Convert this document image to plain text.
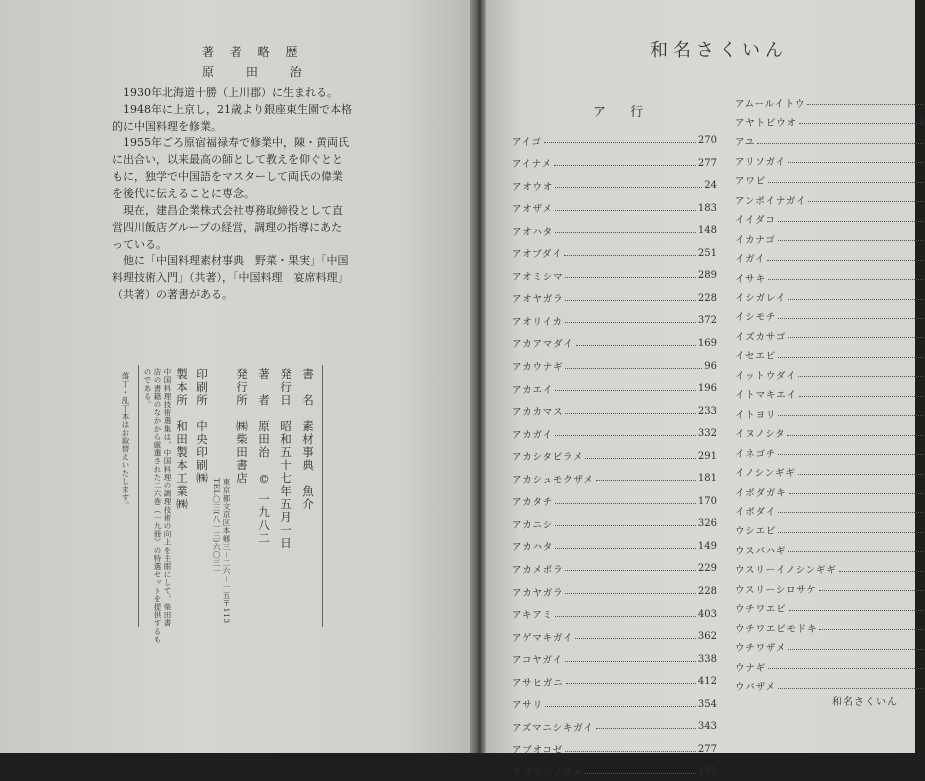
著 者 略 歴
原 田 治

1930年北海道十勝（上川郡）に生まれる。

1948年に上京し，21歳より銀座東生園で本格的に中国料理を修業。

1955年ごろ原宿福禄寿で修業中，陳・黄両氏に出合い，以来最高の師として教えを仰ぐとともに，独学で中国語をマスターして両氏の偉業を後代に伝えることに専念。

現在，建昌企業株式会社専務取締役として直営四川飯店グループの経営，調理の指導にあたっている。

他に「中国料理素材事典　野菜・果実」「中国料理技術入門」（共著），「中国料理　宴席料理」（共著）の著書がある。

書　名　素材事典　魚介
発行日　昭和五十七年五月一日
著　者　原田治　© 一九八二
発行所　㈱柴田書店
東京都文京区本郷三－二六－一五〒113
TEL〇三(八一三)六〇三一
印刷所　中央印刷㈱
製本所　和田製本工業㈱
中国料理技術選集は，中国料理の調理技術の向上を主眼にして，柴田書
店の書籍のなかから厳選された二六巻（一九冊）の特選セットを提供するも
のである。
落丁・乱丁本はお取替えいたします。
和名さくいん
ア 行
アイゴ	270
アイナメ	277
アオウオ	24
アオザメ	183
アオハタ	148
アオブダイ	251
アオミシマ	289
アオヤガラ	228
アオリイカ	372
アカアマダイ	169
アカウナギ	96
アカエイ	196
アカカマス	233
アカガイ	332
アカシタビラメ	291
アカシュモクザメ	181
アカタチ	170
アカニシ	326
アカハタ	149
アカメボラ	229
アカヤガラ	228
アキアミ	403
アゲマキガイ	362
アコヤガイ	338
アサヒガニ	412
アサリ	354
アズマニシキガイ	343
アブオコゼ	277
アブラツノザメ	191
アムールイトウ
アヤトビウオ	2
アユ
アリソガイ
アワビ
アンボイナガイ
イイダコ
イカナゴ
イガイ
イサキ
イシガレイ
イシモチ
イズカサゴ
イセエビ
イットウダイ
イトマキエイ
イトヨリ
イヌノシタ
イネゴチ
イノシンギギ
イボダガキ
イボダイ
ウシエビ
ウスバハギ
ウスリーイノシンギギ
ウスリーシロサケ
ウチワエビ
ウチワエビモドキ
ウチワザメ
ウナギ
ウバザメ
和名さくいん
